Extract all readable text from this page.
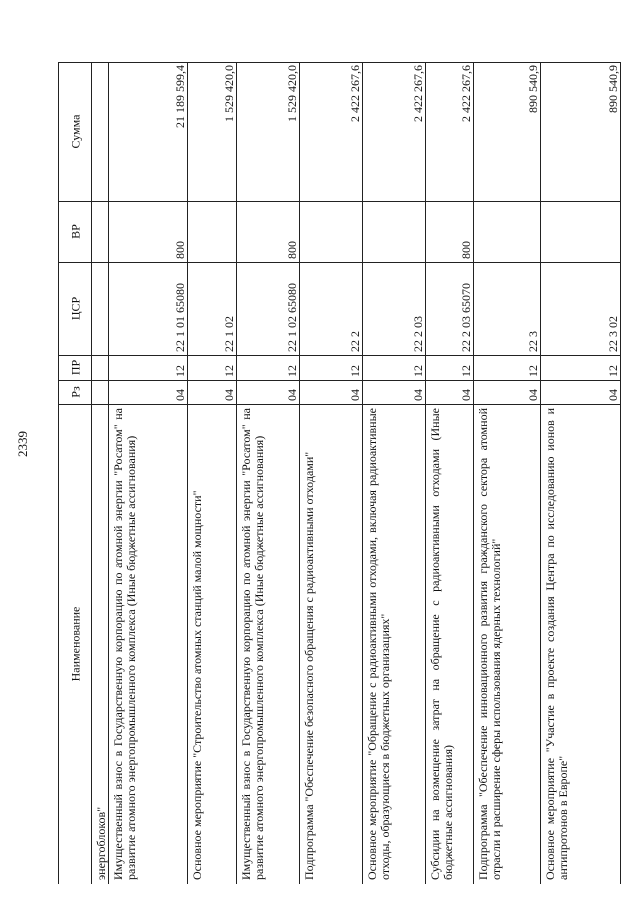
2339
Наименование
Рз
ПР
ЦСР
ВР
Сумма
энергоблоков" Имущественный взнос в Государственную корпорацию по атомной энергии "Росатом" на развитие атомного энергопромышленного комплекса (Иные бюджетные ассигнования)
04
12
22 1 01 65080
800
21 189 599,4
Основное мероприятие "Строительство атомных станций малой мощности"
04
12
22 1 02
1 529 420,0
Имущественный взнос в Государственную корпорацию по атомной энергии "Росатом" на развитие атомного энергопромышленного комплекса (Иные бюджетные ассигнования)
04
12
22 1 02 65080
800
1 529 420,0
Подпрограмма "Обеспечение безопасного обращения с радиоактивными отходами"
04
12
22 2
2 422 267,6
Основное мероприятие "Обращение с радиоактивными отходами, включая радиоактивные отходы, образующиеся в бюджетных организациях"
04
12
22 2 03
2 422 267,6
Субсидии на возмещение затрат на обращение с радиоактивными отходами (Иные бюджетные ассигнования)
04
12
22 2 03 65070
800
2 422 267,6
Подпрограмма "Обеспечение инновационного развития гражданского сектора атомной отрасли и расширение сферы использования ядерных технологий"
04
12
22 3
890 540,9
Основное мероприятие "Участие в проекте создания Центра по исследованию ионов и антипротонов в Европе"
04
12
22 3 02
890 540,9
